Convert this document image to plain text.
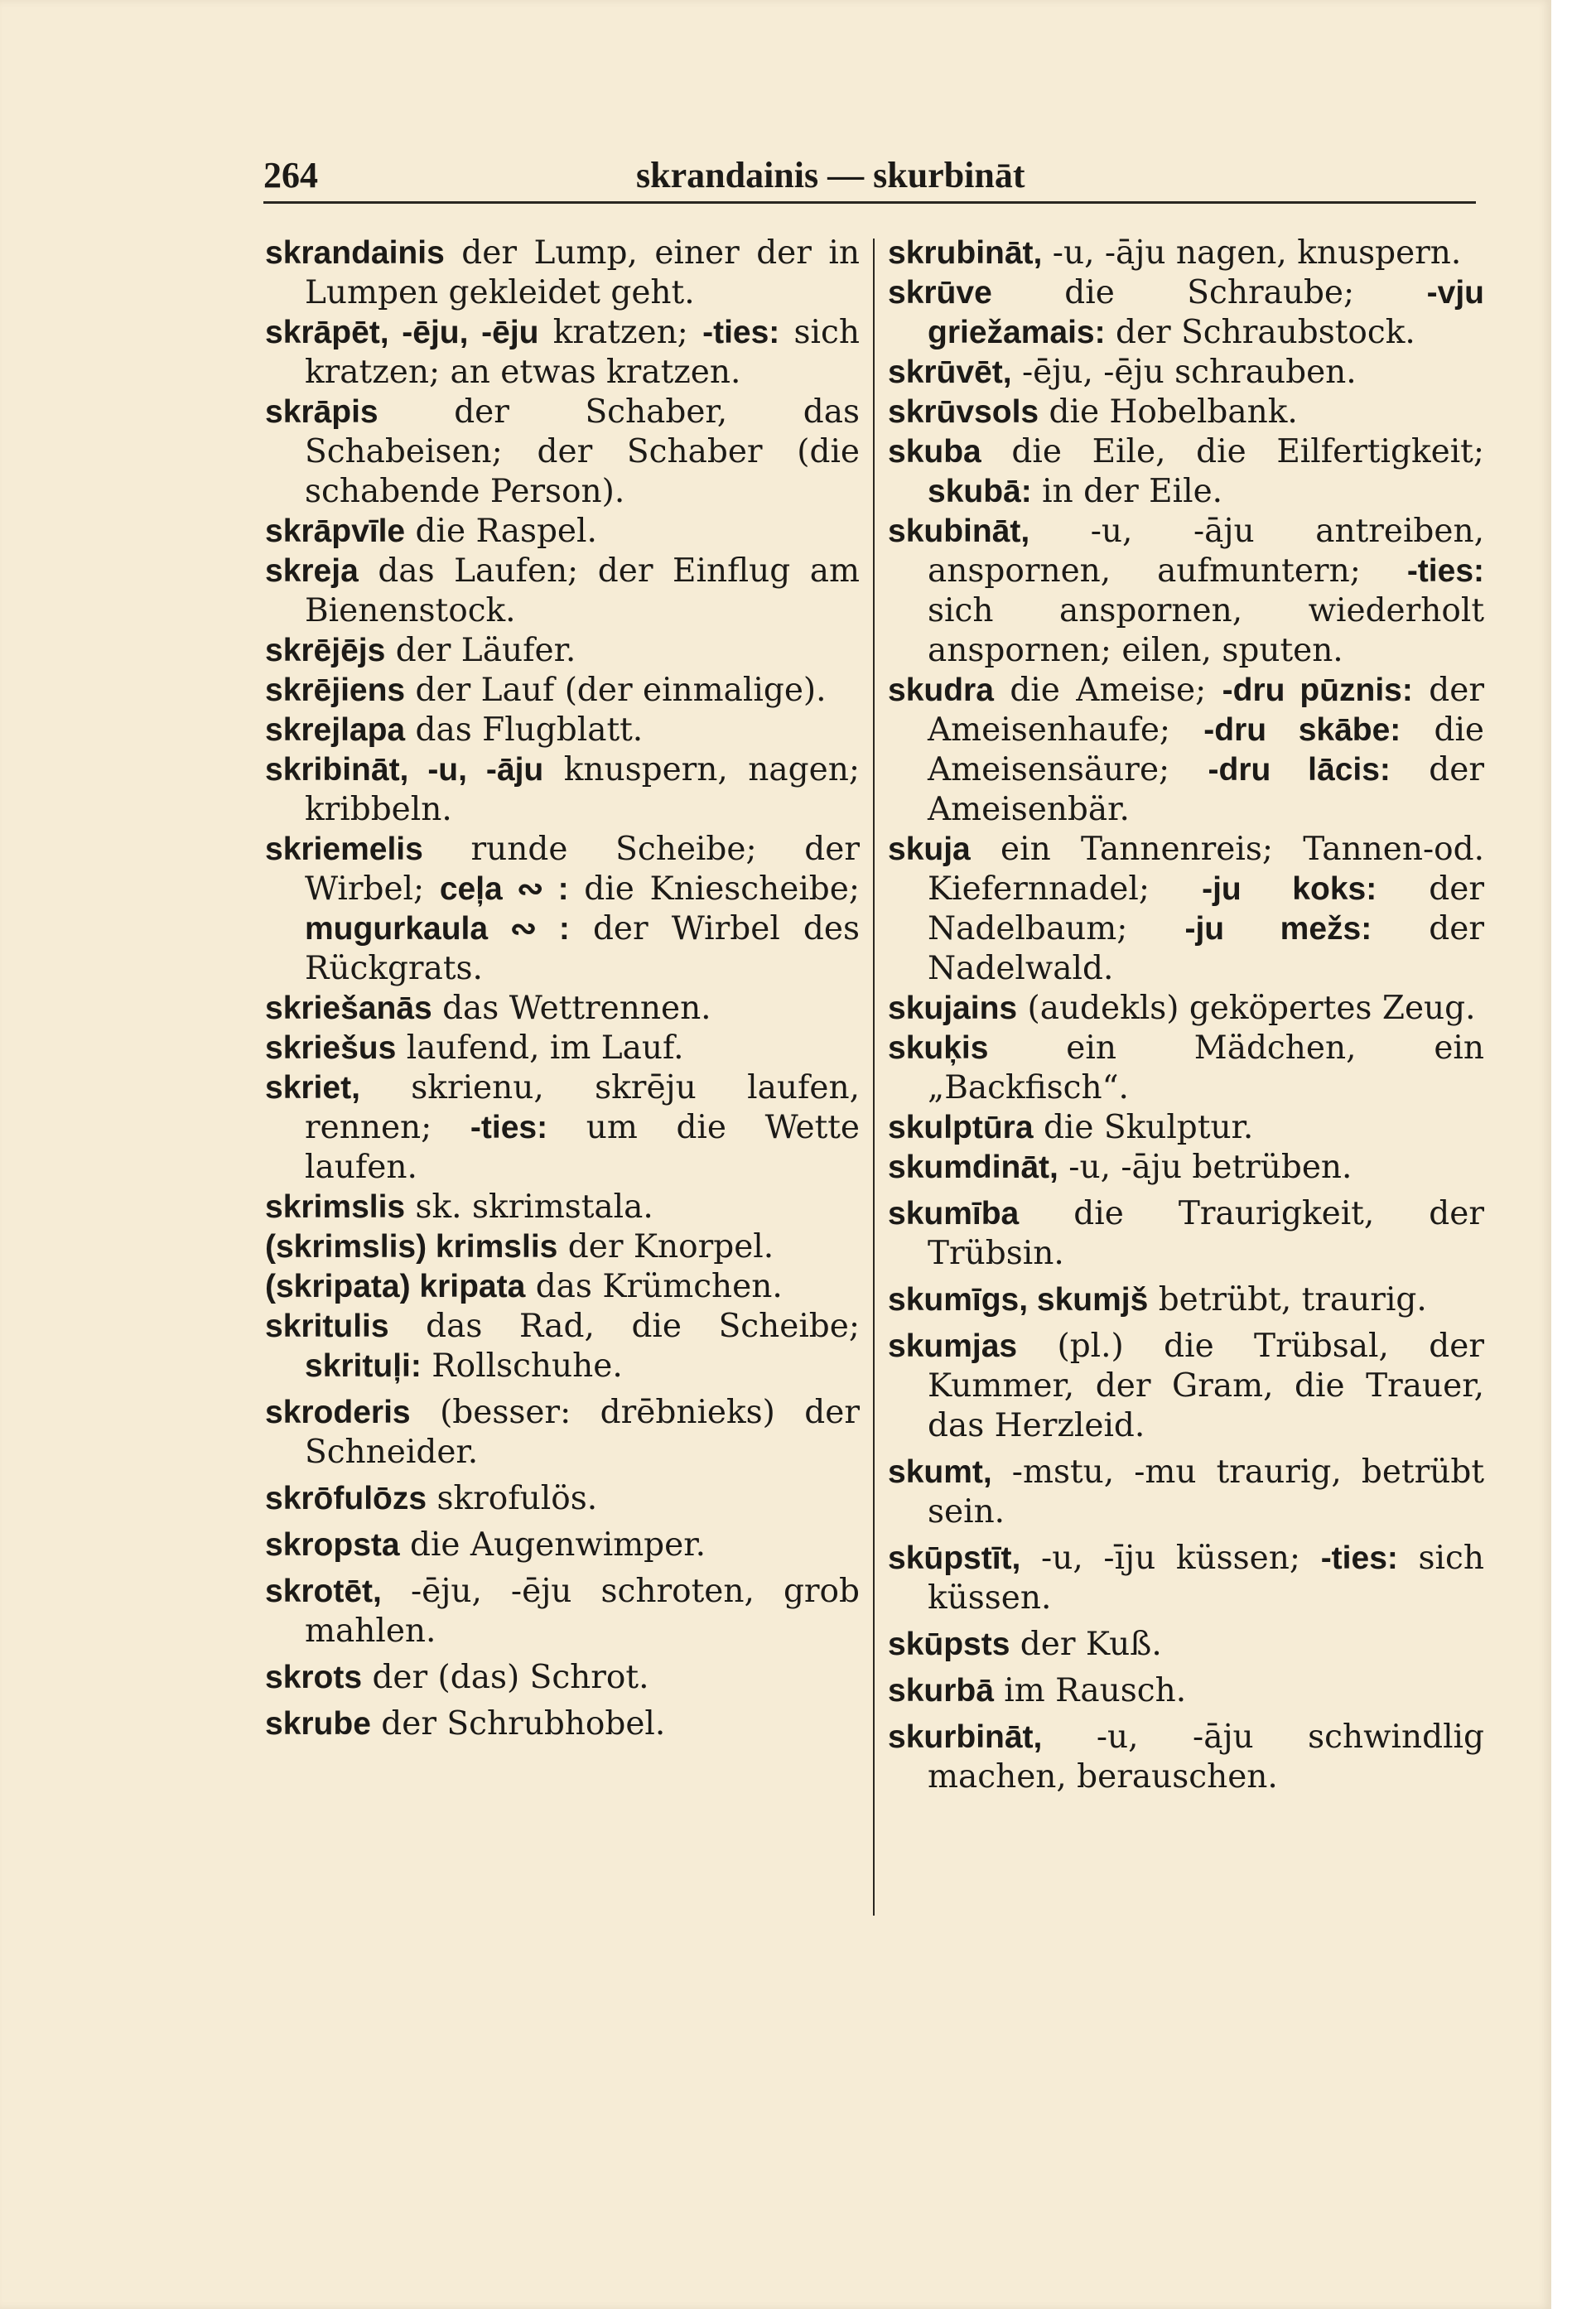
264	skrandainis — skurbināt

skrandainis der Lump, einer der in Lumpen gekleidet geht.

skrāpēt, -ēju, -ēju kratzen; -ties: sich kratzen; an etwas kratzen.

skrāpis der Schaber, das Schabeisen; der Schaber (die schabende Person).

skrāpvīle die Raspel.

skreja das Laufen; der Einflug am Bienenstock.

skrējējs der Läufer.

skrējiens der Lauf (der einmalige).

skrejlapa das Flugblatt.

skribināt, -u, -āju knuspern, nagen; kribbeln.

skriemelis runde Scheibe; der Wirbel; ceļa ∾ : die Kniescheibe; mugurkaula ∾ : der Wirbel des Rückgrats.

skriešanās das Wettrennen.

skriešus laufend, im Lauf.

skriet, skrienu, skrēju laufen, rennen; -ties: um die Wette laufen.

skrimslis sk. skrimstala.

(skrimslis) krimslis der Knorpel.

(skripata) kripata das Krümchen.

skritulis das Rad, die Scheibe; skrituļi: Rollschuhe.

skroderis (besser: drēbnieks) der Schneider.

skrōfulōzs skrofulös.

skropsta die Augenwimper.

skrotēt, -ēju, -ēju schroten, grob mahlen.

skrots der (das) Schrot.

skrube der Schrubhobel.

skrubināt, -u, -āju nagen, knuspern.

skrūve die Schraube; -vju griežamais: der Schraubstock.

skrūvēt, -ēju, -ēju schrauben.

skrūvsols die Hobelbank.

skuba die Eile, die Eilfertigkeit; skubā: in der Eile.

skubināt, -u, -āju antreiben, anspornen, aufmuntern; -ties: sich anspornen, wiederholt anspornen; eilen, sputen.

skudra die Ameise; -dru pūznis: der Ameisenhaufe; -dru skābe: die Ameisensäure; -dru lācis: der Ameisenbär.

skuja ein Tannenreis; Tannen-od. Kiefernnadel; -ju koks: der Nadelbaum; -ju mežs: der Nadelwald.

skujains (audekls) geköpertes Zeug.

skuķis ein Mädchen, ein „Backfisch“.

skulptūra die Skulptur.

skumdināt, -u, -āju betrüben.

skumība die Traurigkeit, der Trübsin.

skumīgs, skumjš betrübt, traurig.

skumjas (pl.) die Trübsal, der Kummer, der Gram, die Trauer, das Herzleid.

skumt, -mstu, -mu traurig, betrübt sein.

skūpstīt, -u, -īju küssen; -ties: sich küssen.

skūpsts der Kuß.

skurbā im Rausch.

skurbināt, -u, -āju schwindlig machen, berauschen.
